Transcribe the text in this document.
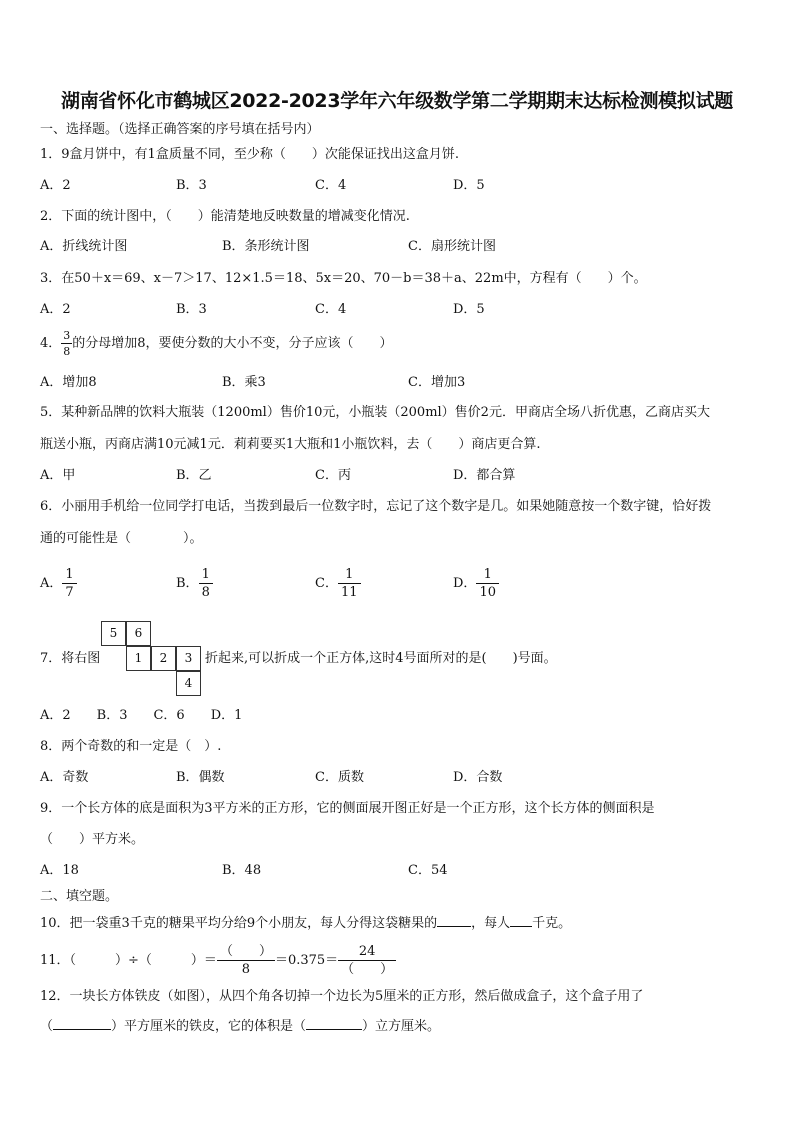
湖南省怀化市鹤城区2022-2023学年六年级数学第二学期期末达标检测模拟试题
一、选择题。（选择正确答案的序号填在括号内）
1．9盒月饼中，有1盒质量不同，至少称（　　）次能保证找出这盒月饼.
A．2	B．3	C．4	D．5
2．下面的统计图中，（　　）能清楚地反映数量的增减变化情况.
A．折线统计图	B．条形统计图	C．扇形统计图
3．在50＋x＝69、x－7＞17、12×1.5＝18、5x＝20、70－b＝38＋a、22m中，方程有（　　）个。
A．2	B．3	C．4	D．5
4． $\frac{3}{8}$ 的分母增加8，要使分数的大小不变，分子应该（　　）
A．增加8	B．乘3	C．增加3
5．某种新品牌的饮料大瓶装（1200ml）售价10元，小瓶装（200ml）售价2元．甲商店全场八折优惠，乙商店买大
瓶送小瓶，丙商店满10元减1元．莉莉要买1大瓶和1小瓶饮料，去（　　）商店更合算.
A．甲	B．乙	C．丙	D．都合算
6．小丽用手机给一位同学打电话，当拨到最后一位数字时，忘记了这个数字是几。如果她随意按一个数字键，恰好拨
通的可能性是（　　　　）。
A． $\frac{1}{7}$	B． $\frac{1}{8}$	C． $\frac{1}{11}$	D． $\frac{1}{10}$
7．将右图
5	6
1	2	3
4
折起来,可以折成一个正方体,这时4号面所对的是(　　)号面。
A．2　　B．3　　C．6　　D．1
8．两个奇数的和一定是（　）.
A．奇数	B．偶数	C．质数	D．合数
9．一个长方体的底是面积为3平方米的正方形，它的侧面展开图正好是一个正方形，这个长方体的侧面积是
（　　）平方米。
A．18	B．48	C．54
二、填空题。
10．把一袋重3千克的糖果平均分给9个小朋友，每人分得这袋糖果的	，每人 千克。
11．（　　　）÷（　　　）＝ $\frac{( )}{8} =0.375= \frac{24}{( )}$
12．一块长方体铁皮（如图），从四个角各切掉一个边长为5厘米的正方形，然后做成盒子，这个盒子用了
（	）平方厘米的铁皮，它的体积是（	）立方厘米。
